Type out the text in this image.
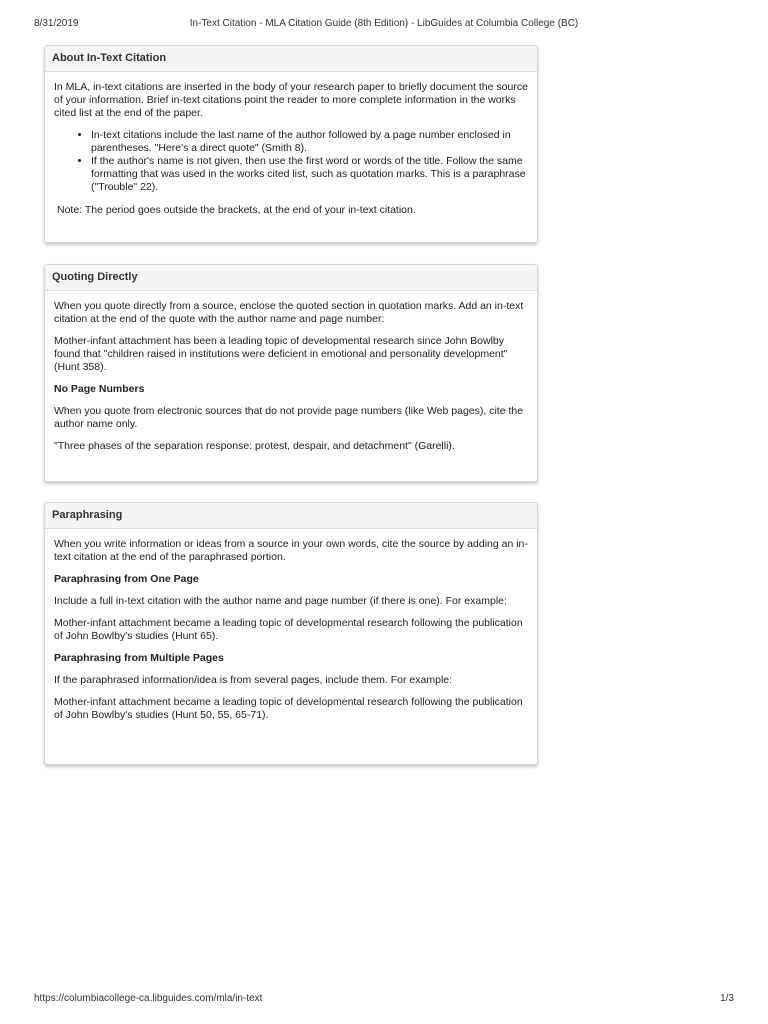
8/31/2019	In-Text Citation - MLA Citation Guide (8th Edition) - LibGuides at Columbia College (BC)
About In-Text Citation

In MLA, in-text citations are inserted in the body of your research paper to briefly document the source of your information. Brief in-text citations point the reader to more complete information in the works cited list at the end of the paper.

• In-text citations include the last name of the author followed by a page number enclosed in parentheses. "Here's a direct quote" (Smith 8).
• If the author's name is not given, then use the first word or words of the title. Follow the same formatting that was used in the works cited list, such as quotation marks. This is a paraphrase ("Trouble" 22).

Note: The period goes outside the brackets, at the end of your in-text citation.

Quoting Directly

When you quote directly from a source, enclose the quoted section in quotation marks. Add an in-text citation at the end of the quote with the author name and page number:

Mother-infant attachment has been a leading topic of developmental research since John Bowlby found that "children raised in institutions were deficient in emotional and personality development" (Hunt 358).

No Page Numbers

When you quote from electronic sources that do not provide page numbers (like Web pages), cite the author name only.

"Three phases of the separation response: protest, despair, and detachment" (Garelli).

Paraphrasing

When you write information or ideas from a source in your own words, cite the source by adding an in-text citation at the end of the paraphrased portion.

Paraphrasing from One Page

Include a full in-text citation with the author name and page number (if there is one). For example:

Mother-infant attachment became a leading topic of developmental research following the publication of John Bowlby's studies (Hunt 65).

Paraphrasing from Multiple Pages

If the paraphrased information/idea is from several pages, include them. For example:

Mother-infant attachment became a leading topic of developmental research following the publication of John Bowlby's studies (Hunt 50, 55, 65-71).

https://columbiacollege-ca.libguides.com/mla/in-text	1/3
